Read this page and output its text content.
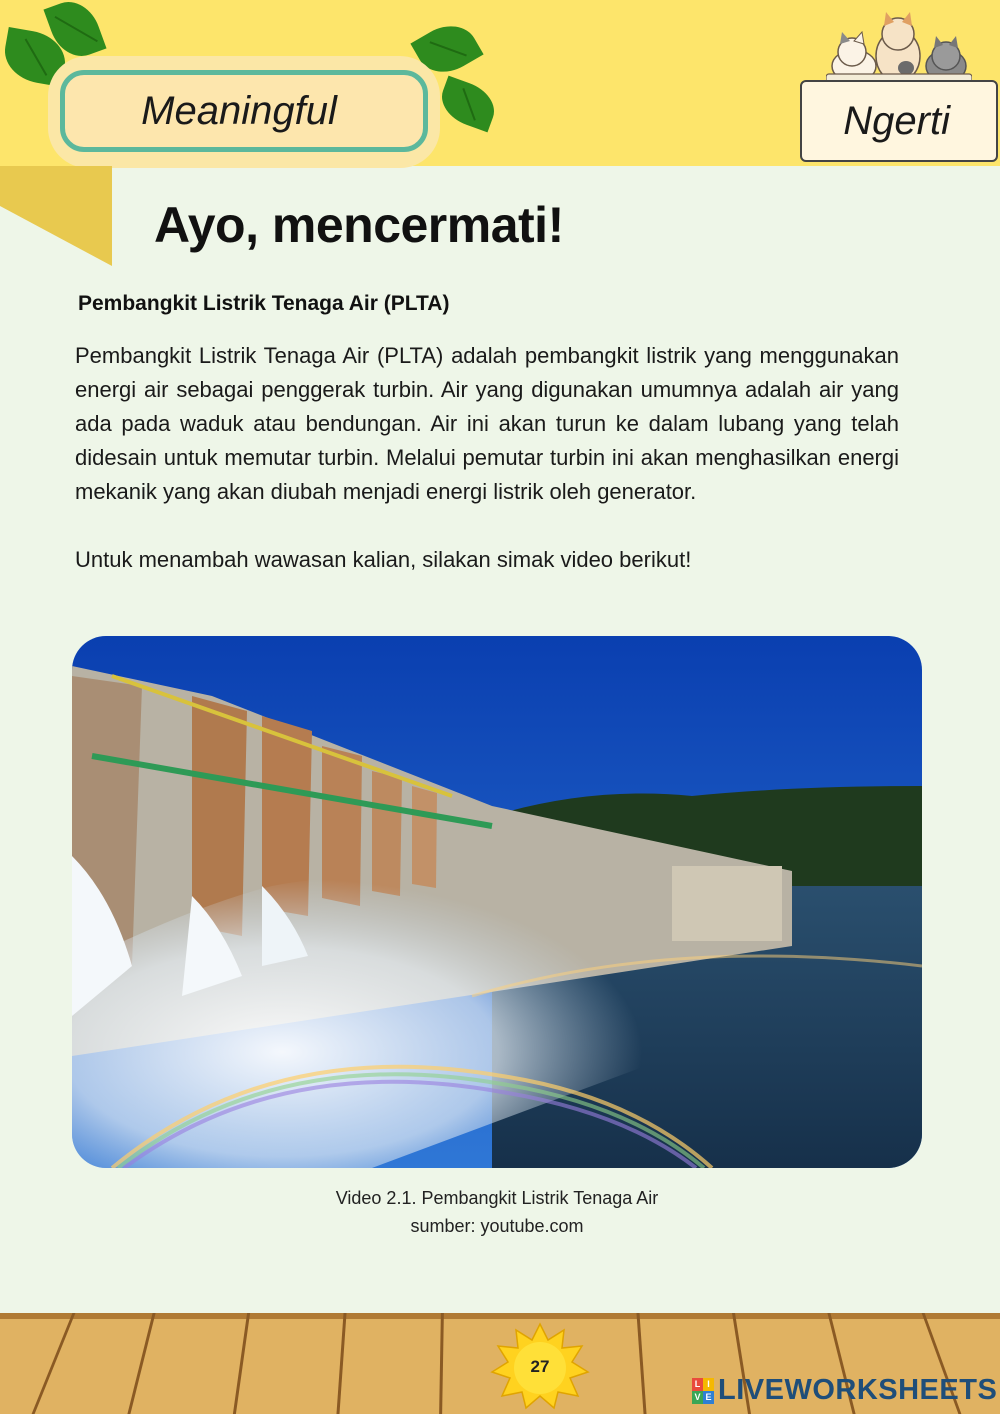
Meaningful	Ngerti
Ayo, mencermati!
Pembangkit Listrik Tenaga Air (PLTA)

Pembangkit Listrik Tenaga Air (PLTA) adalah pembangkit listrik yang menggunakan energi air sebagai penggerak turbin. Air yang digunakan umumnya adalah air yang ada pada waduk atau bendungan. Air ini akan turun ke dalam lubang yang telah didesain untuk memutar turbin. Melalui pemutar turbin ini akan menghasilkan energi mekanik yang akan diubah menjadi energi listrik oleh generator.

Untuk menambah wawasan kalian, silakan simak video berikut!

Video 2.1. Pembangkit Listrik Tenaga Air

sumber: youtube.com

27
L I
V E LIVEWORKSHEETS
